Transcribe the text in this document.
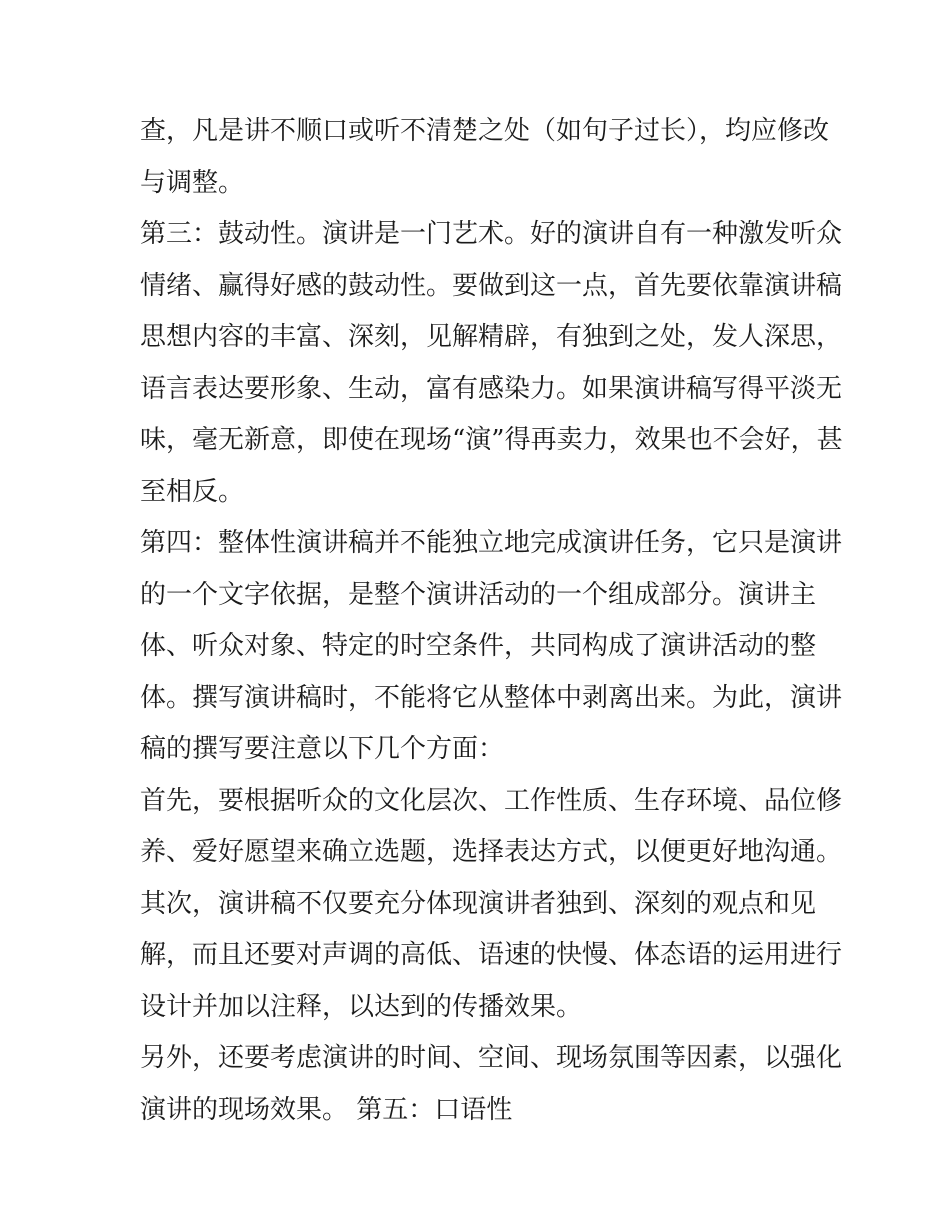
查，凡是讲不顺口或听不清楚之处（如句子过长），均应修改
与调整。
第三：鼓动性。演讲是一门艺术。好的演讲自有一种激发听众
情绪、赢得好感的鼓动性。要做到这一点，首先要依靠演讲稿
思想内容的丰富、深刻，见解精辟，有独到之处，发人深思，
语言表达要形象、生动，富有感染力。如果演讲稿写得平淡无
味，毫无新意，即使在现场“演”得再卖力，效果也不会好，甚
至相反。
第四：整体性演讲稿并不能独立地完成演讲任务，它只是演讲
的一个文字依据，是整个演讲活动的一个组成部分。演讲主
体、听众对象、特定的时空条件，共同构成了演讲活动的整
体。撰写演讲稿时，不能将它从整体中剥离出来。为此，演讲
稿的撰写要注意以下几个方面：
首先，要根据听众的文化层次、工作性质、生存环境、品位修
养、爱好愿望来确立选题，选择表达方式，以便更好地沟通。
其次，演讲稿不仅要充分体现演讲者独到、深刻的观点和见
解，而且还要对声调的高低、语速的快慢、体态语的运用进行
设计并加以注释，以达到的传播效果。
另外，还要考虑演讲的时间、空间、现场氛围等因素，以强化
演讲的现场效果。 第五：口语性
